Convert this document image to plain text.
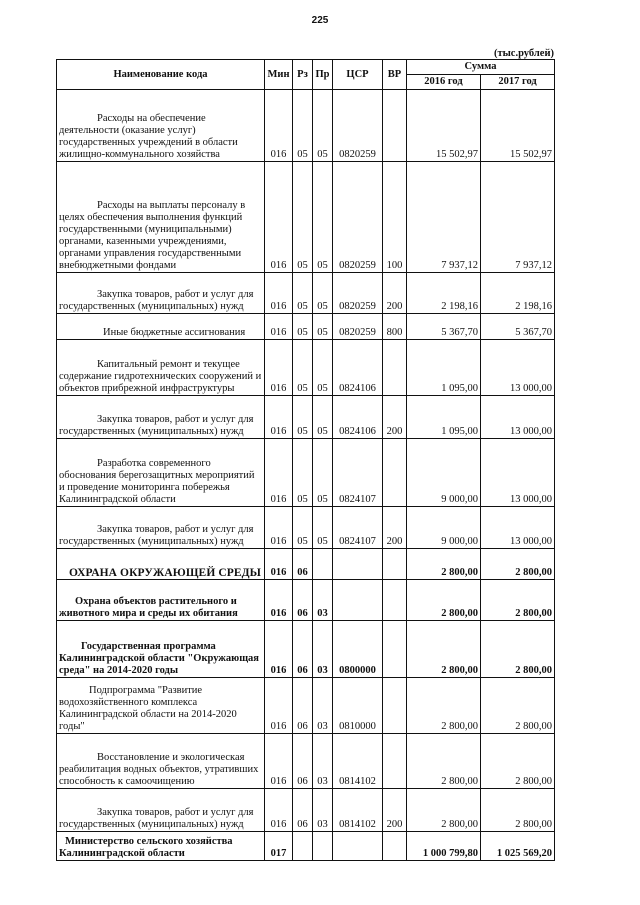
225
(тыс.рублей)
Наименование кода	Мин	Рз	Пр	ЦСР	ВР	Сумма	
						2016 год	2017 год
Расходы на обеспечение деятельности (оказание услуг) государственных учреждений в области жилищно-коммунального хозяйства	016	05	05	0820259		15 502,97	15 502,97
Расходы на выплаты персоналу в целях обеспечения выполнения функций государственными (муниципальными) органами, казенными учреждениями, органами управления государственными внебюджетными фондами	016	05	05	0820259	100	7 937,12	7 937,12
Закупка товаров, работ и услуг для государственных (муниципальных) нужд	016	05	05	0820259	200	2 198,16	2 198,16
Иные бюджетные ассигнования	016	05	05	0820259	800	5 367,70	5 367,70
Капитальный ремонт и текущее содержание гидротехнических сооружений и объектов прибрежной инфраструктуры	016	05	05	0824106		1 095,00	13 000,00
Закупка товаров, работ и услуг для государственных (муниципальных) нужд	016	05	05	0824106	200	1 095,00	13 000,00
Разработка современного обоснования берегозащитных мероприятий и проведение мониторинга побережья Калининградской области	016	05	05	0824107		9 000,00	13 000,00
Закупка товаров, работ и услуг для государственных (муниципальных) нужд	016	05	05	0824107	200	9 000,00	13 000,00
ОХРАНА ОКРУЖАЮЩЕЙ СРЕДЫ	016	06				2 800,00	2 800,00
Охрана объектов растительного и животного мира и среды их обитания	016	06	03			2 800,00	2 800,00
Государственная программа Калининградской области "Окружающая среда" на 2014-2020 годы	016	06	03	0800000		2 800,00	2 800,00
Подпрограмма "Развитие водохозяйственного комплекса Калининградской области на 2014-2020 годы"	016	06	03	0810000		2 800,00	2 800,00
Восстановление и экологическая реабилитация водных объектов, утративших способность к самоочищению	016	06	03	0814102		2 800,00	2 800,00
Закупка товаров, работ и услуг для государственных (муниципальных) нужд	016	06	03	0814102	200	2 800,00	2 800,00
Министерство сельского хозяйства Калининградской области	017					1 000 799,80	1 025 569,20
